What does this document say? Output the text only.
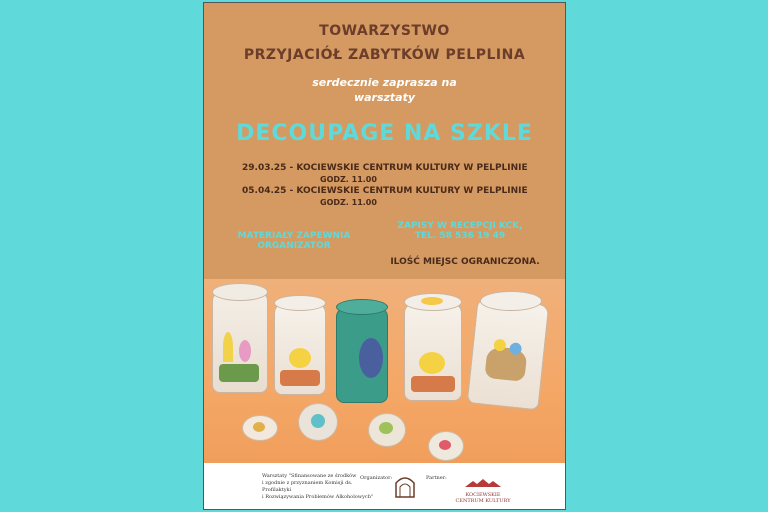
TOWARZYSTWO
PRZYJACIÓŁ ZABYTKÓW PELPLINA
serdecznie zaprasza na
warsztaty
DECOUPAGE NA SZKLE
29.03.25 - KOCIEWSKIE CENTRUM KULTURY W PELPLINIE
GODZ. 11.00
05.04.25 - KOCIEWSKIE CENTRUM KULTURY W PELPLINIE
GODZ. 11.00
MATERIAŁY ZAPEWNIA
ORGANIZATOR
ZAPISY W RECEPCJI KCK,
TEL. 58 536 19 49
ILOŚĆ MIEJSC OGRANICZONA.
Warsztaty "Sfinansowane ze środków
i zgodnie z przyznaniem Komisji ds. Profilaktyki
i Rozwiązywania Problemów Alkoholowych"
Organizator:	Partner:
KOCIEWSKIE
CENTRUM KULTURY
